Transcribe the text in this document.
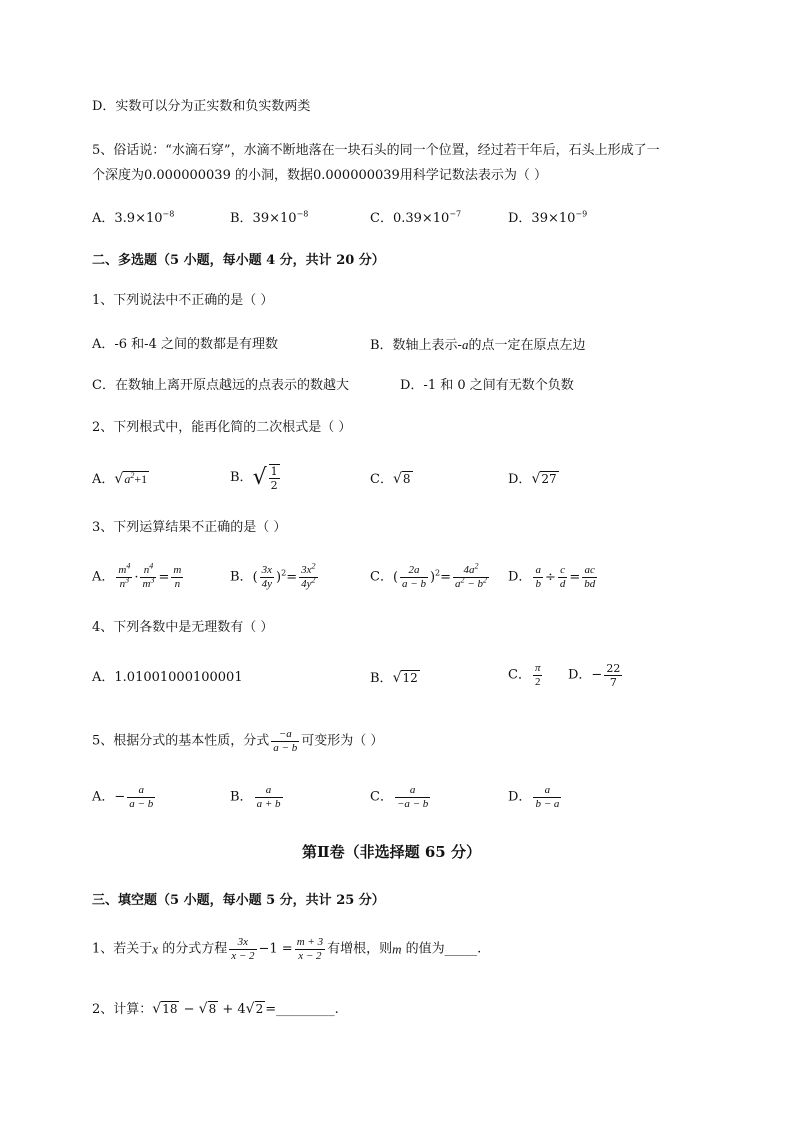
D．实数可以分为正实数和负实数两类
5、俗话说：“水滴石穿”，水滴不断地落在一块石头的同一个位置，经过若干年后，石头上形成了一
个深度为0.000000039 的小洞，数据0.000000039用科学记数法表示为（ ）
A．$3.9\times 10^{-8}$	B．$39\times 10^{-8}$	C．$0.39\times 10^{-7}$	D．$39\times 10^{-9}$
二、多选题（5 小题，每小题 4 分，共计 20 分）
1、下列说法中不正确的是（ ）
A．-6 和-4 之间的数都是有理数	B．数轴上表示-a的点一定在原点左边
C．在数轴上离开原点越远的点表示的数越大	D．-1 和 0 之间有无数个负数
2、下列根式中，能再化简的二次根式是（ ）
A．$√a^2+1$	B．√ $\frac{1}{2}$	C．√8	D．√27
3、下列运算结果不正确的是（ ）
A． $\frac{m^4}{n^3} \cdot \frac{n^4}{m^3} = \frac{m}{n}$	B．( $\frac{3x}{4y} )^2= \frac{3x^2}{4y^2}$	C．( $\frac{2a}{a - b} )^2= \frac{4a^2}{a^2 - b^2}$ D． $\frac{a}{b} \div \frac{c}{d} = \frac{ac}{bd}$
4、下列各数中是无理数有（ ）
A．1.01001000100001	B．√12	C． $\frac{\pi}{2}$ D．− $\frac{22}{7}$
5、根据分式的基本性质，分式 $\frac{-a}{a - b}$ 可变形为（ ）
A．− $\frac{a}{a - b}$	B． $\frac{a}{a + b}$	C． $\frac{a}{-a - b}$	D． $\frac{a}{b - a}$
第Ⅱ卷（非选择题 65 分）
三、填空题（5 小题，每小题 5 分，共计 25 分）
1、若关于x 的分式方程 $\frac{3x}{x - 2} -1 = \frac{m + 3}{x - 2}$ 有增根，则m 的值为_____.
2、计算：√18 − √8 + 4√2 =_________.
